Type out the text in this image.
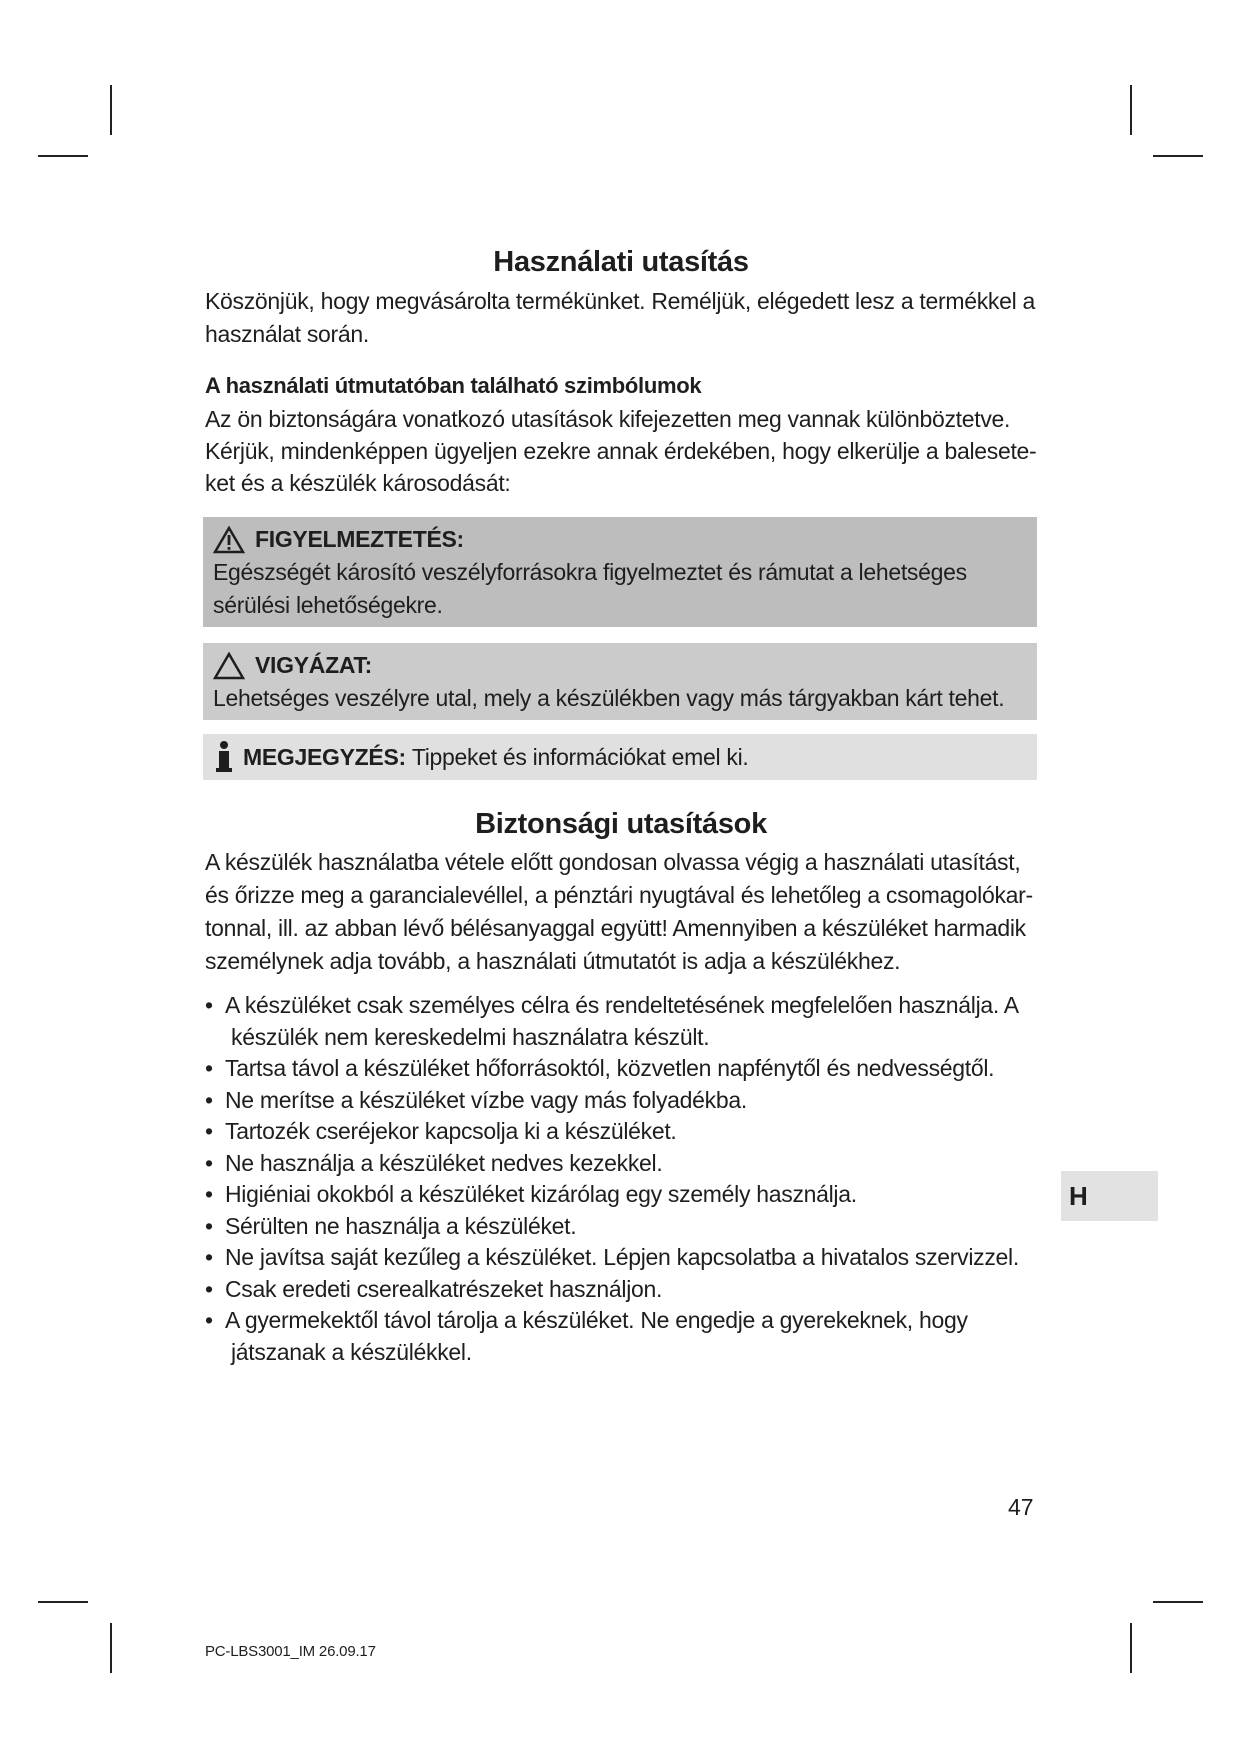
Használati utasítás

Köszönjük, hogy megvásárolta termékünket. Reméljük, elégedett lesz a termékkel a

használat során.

A használati útmutatóban található szimbólumok

Az ön biztonságára vonatkozó utasítások kifejezetten meg vannak különböztetve.

Kérjük, mindenképpen ügyeljen ezekre annak érdekében, hogy elkerülje a balesete-

ket és a készülék károsodását:

FIGYELMEZTETÉS:
Egészségét károsító veszélyforrásokra figyelmeztet és rámutat a lehetséges
sérülési lehetőségekre.
VIGYÁZAT:
Lehetséges veszélyre utal, mely a készülékben vagy más tárgyakban kárt tehet.
MEGJEGYZÉS: Tippeket és információkat emel ki.
Biztonsági utasítások

A készülék használatba vétele előtt gondosan olvassa végig a használati utasítást,

és őrizze meg a garancialevéllel, a pénztári nyugtával és lehetőleg a csomagolókar-

tonnal, ill. az abban lévő bélésanyaggal együtt! Amennyiben a készüléket harmadik

személynek adja tovább, a használati útmutatót is adja a készülékhez.

• A készüléket csak személyes célra és rendeltetésének megfelelően használja. A
készülék nem kereskedelmi használatra készült.
• Tartsa távol a készüléket hőforrásoktól, közvetlen napfénytől és nedvességtől.
• Ne merítse a készüléket vízbe vagy más folyadékba.
• Tartozék cseréjekor kapcsolja ki a készüléket.
• Ne használja a készüléket nedves kezekkel.
• Higiéniai okokból a készüléket kizárólag egy személy használja.
• Sérülten ne használja a készüléket.
• Ne javítsa saját kezűleg a készüléket. Lépjen kapcsolatba a hivatalos szervizzel.
• Csak eredeti cserealkatrészeket használjon.
• A gyermekektől távol tárolja a készüléket. Ne engedje a gyerekeknek, hogy
játszanak a készülékkel.
H
47
PC-LBS3001_IM 26.09.17
